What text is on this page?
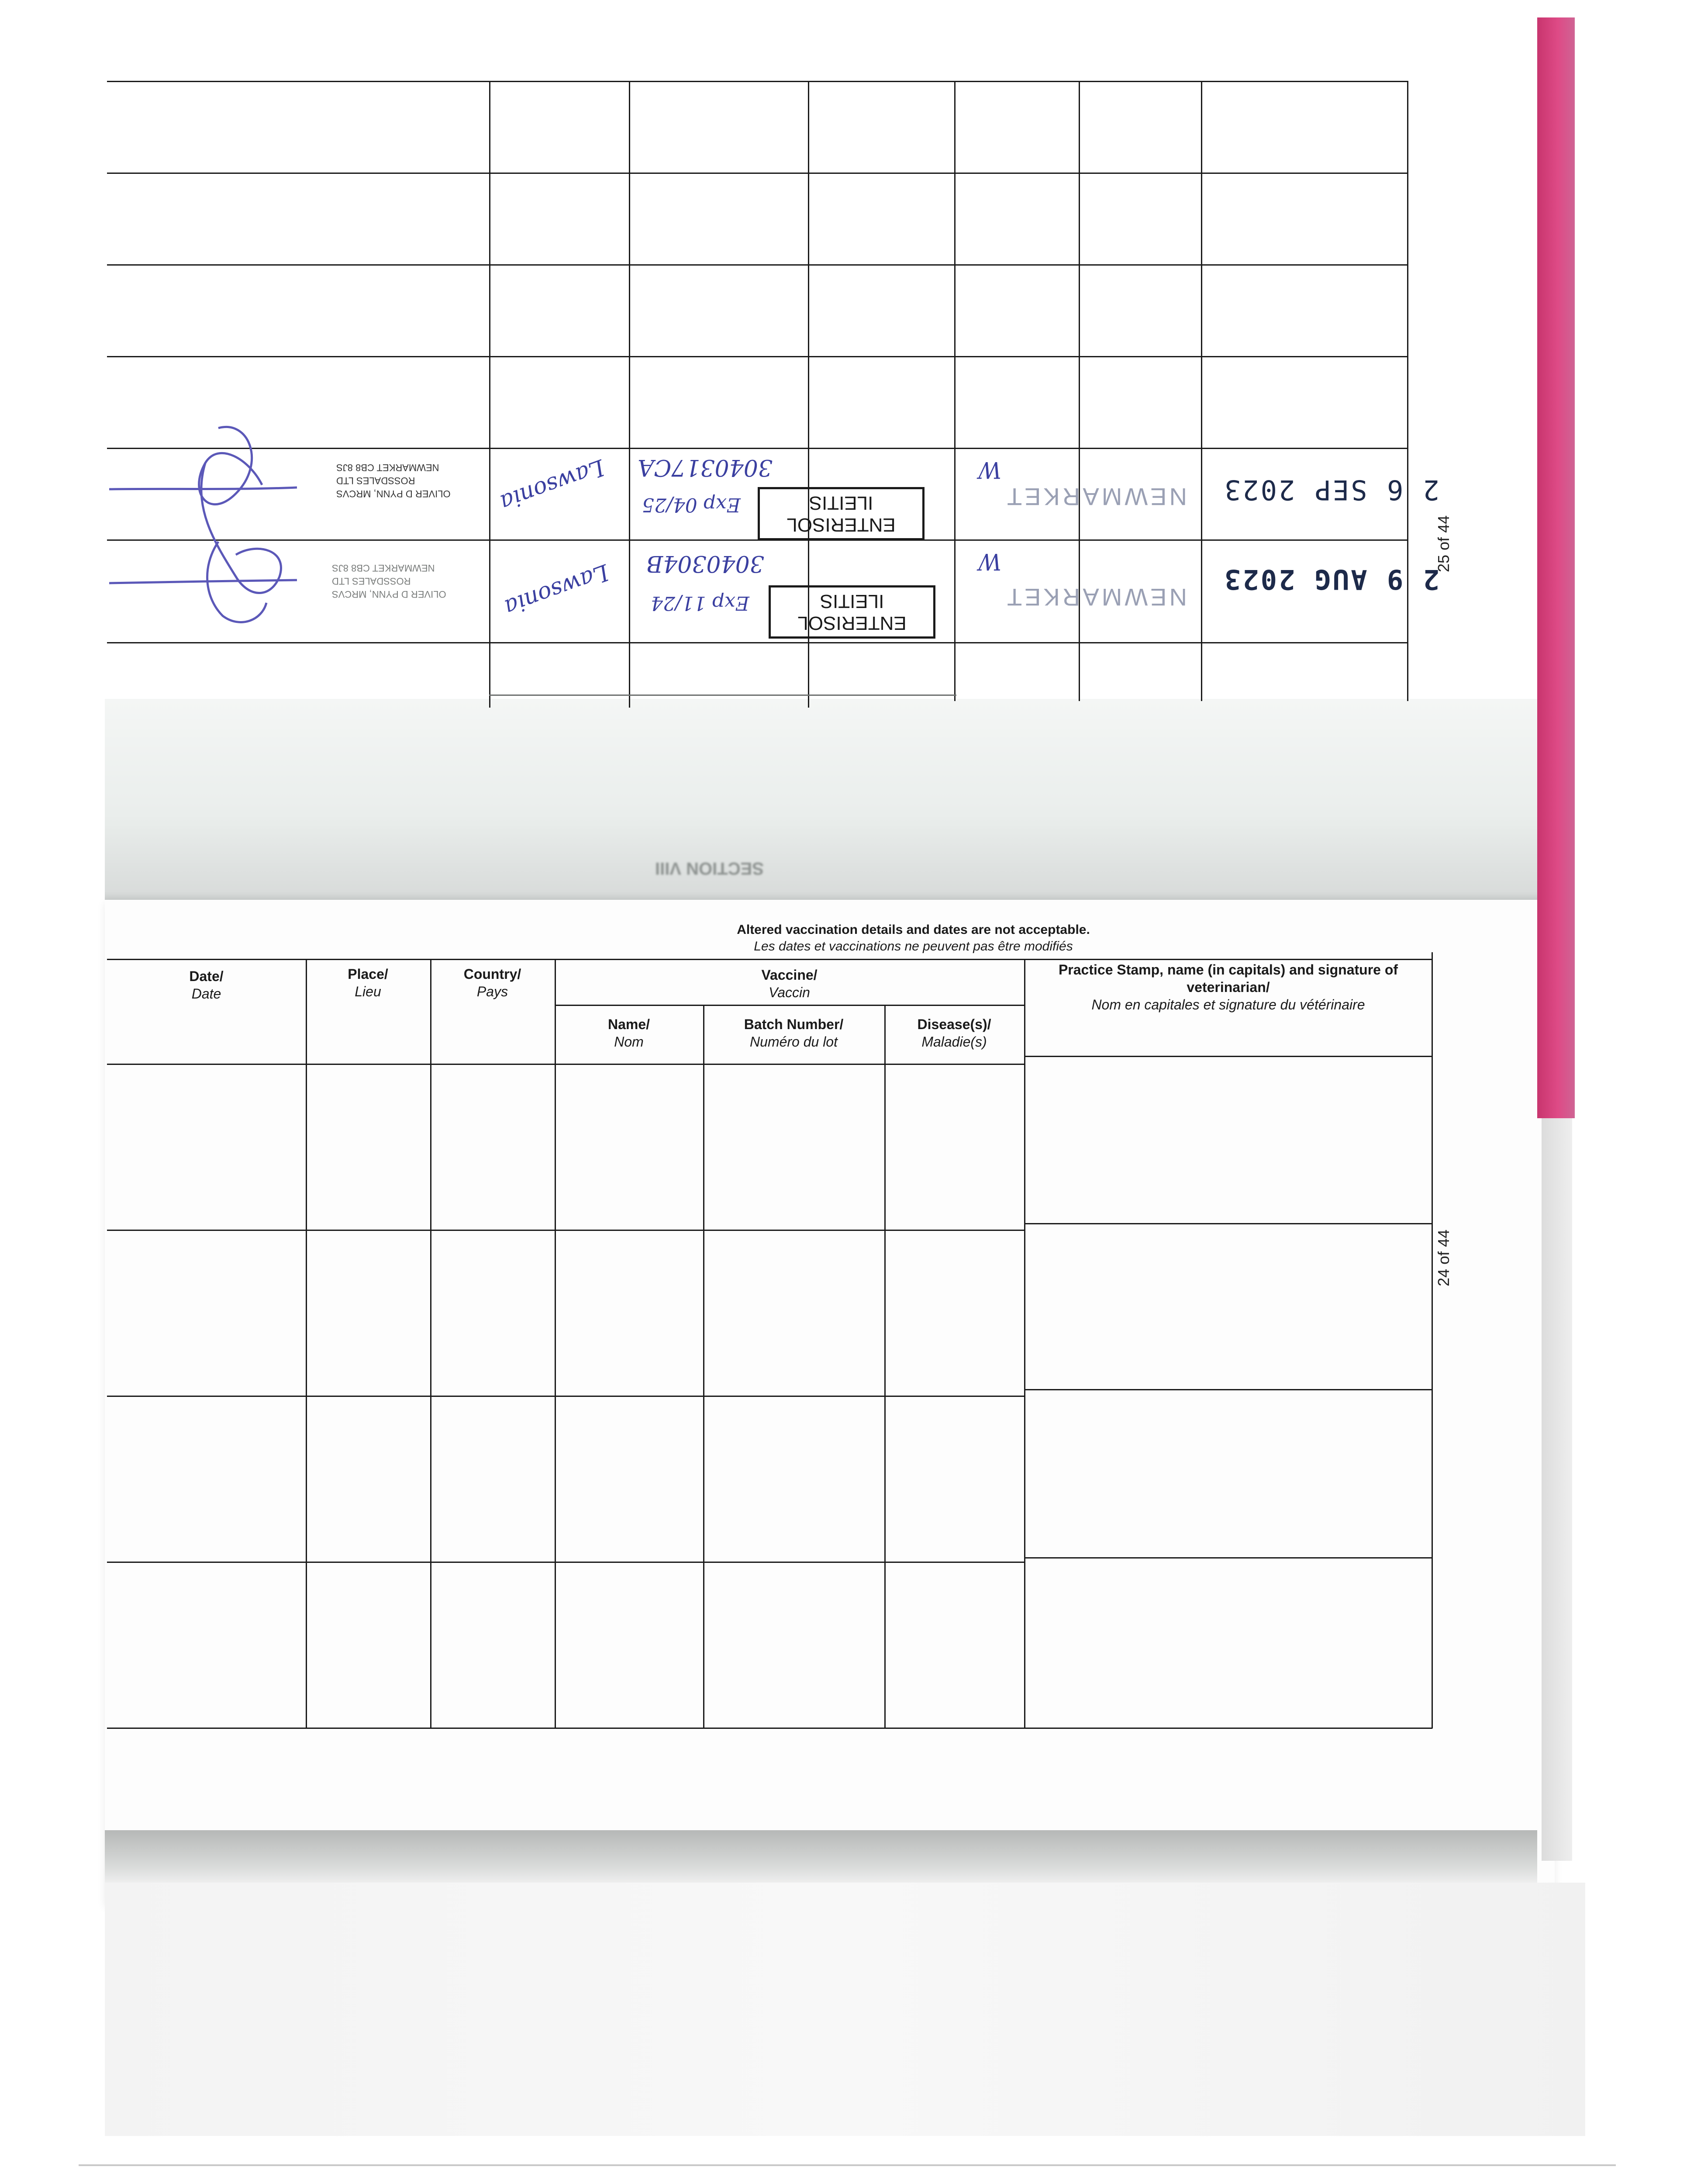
2 6 SEP 2023
NEWMARKET
W
ENTERISOL ILEITIS
3040317CA
Exp 04/25
Lawsonia
OLIVER D PYNN, MRCVS
ROSSDALES LTD
NEWMARKET CB8 8JS
2 9 AUG 2023
NEWMARKET
W
ENTERISOL ILEITIS
3040304B
Exp 11/24
Lawsonia
OLIVER D PYNN, MRCVS
ROSSDALES LTD
NEWMARKET CB8 8JS
SECTION VIII
25 of 44
Altered vaccination details and dates are not acceptable.
Les dates et vaccinations ne peuvent pas être modifiés
Date/
Date
Place/
Lieu
Country/
Pays
Vaccine/
Vaccin
Name/
Nom
Batch Number/
Numéro du lot
Disease(s)/
Maladie(s)
Practice Stamp, name (in capitals) and signature of
veterinarian/
Nom en capitales et signature du vétérinaire
24 of 44
